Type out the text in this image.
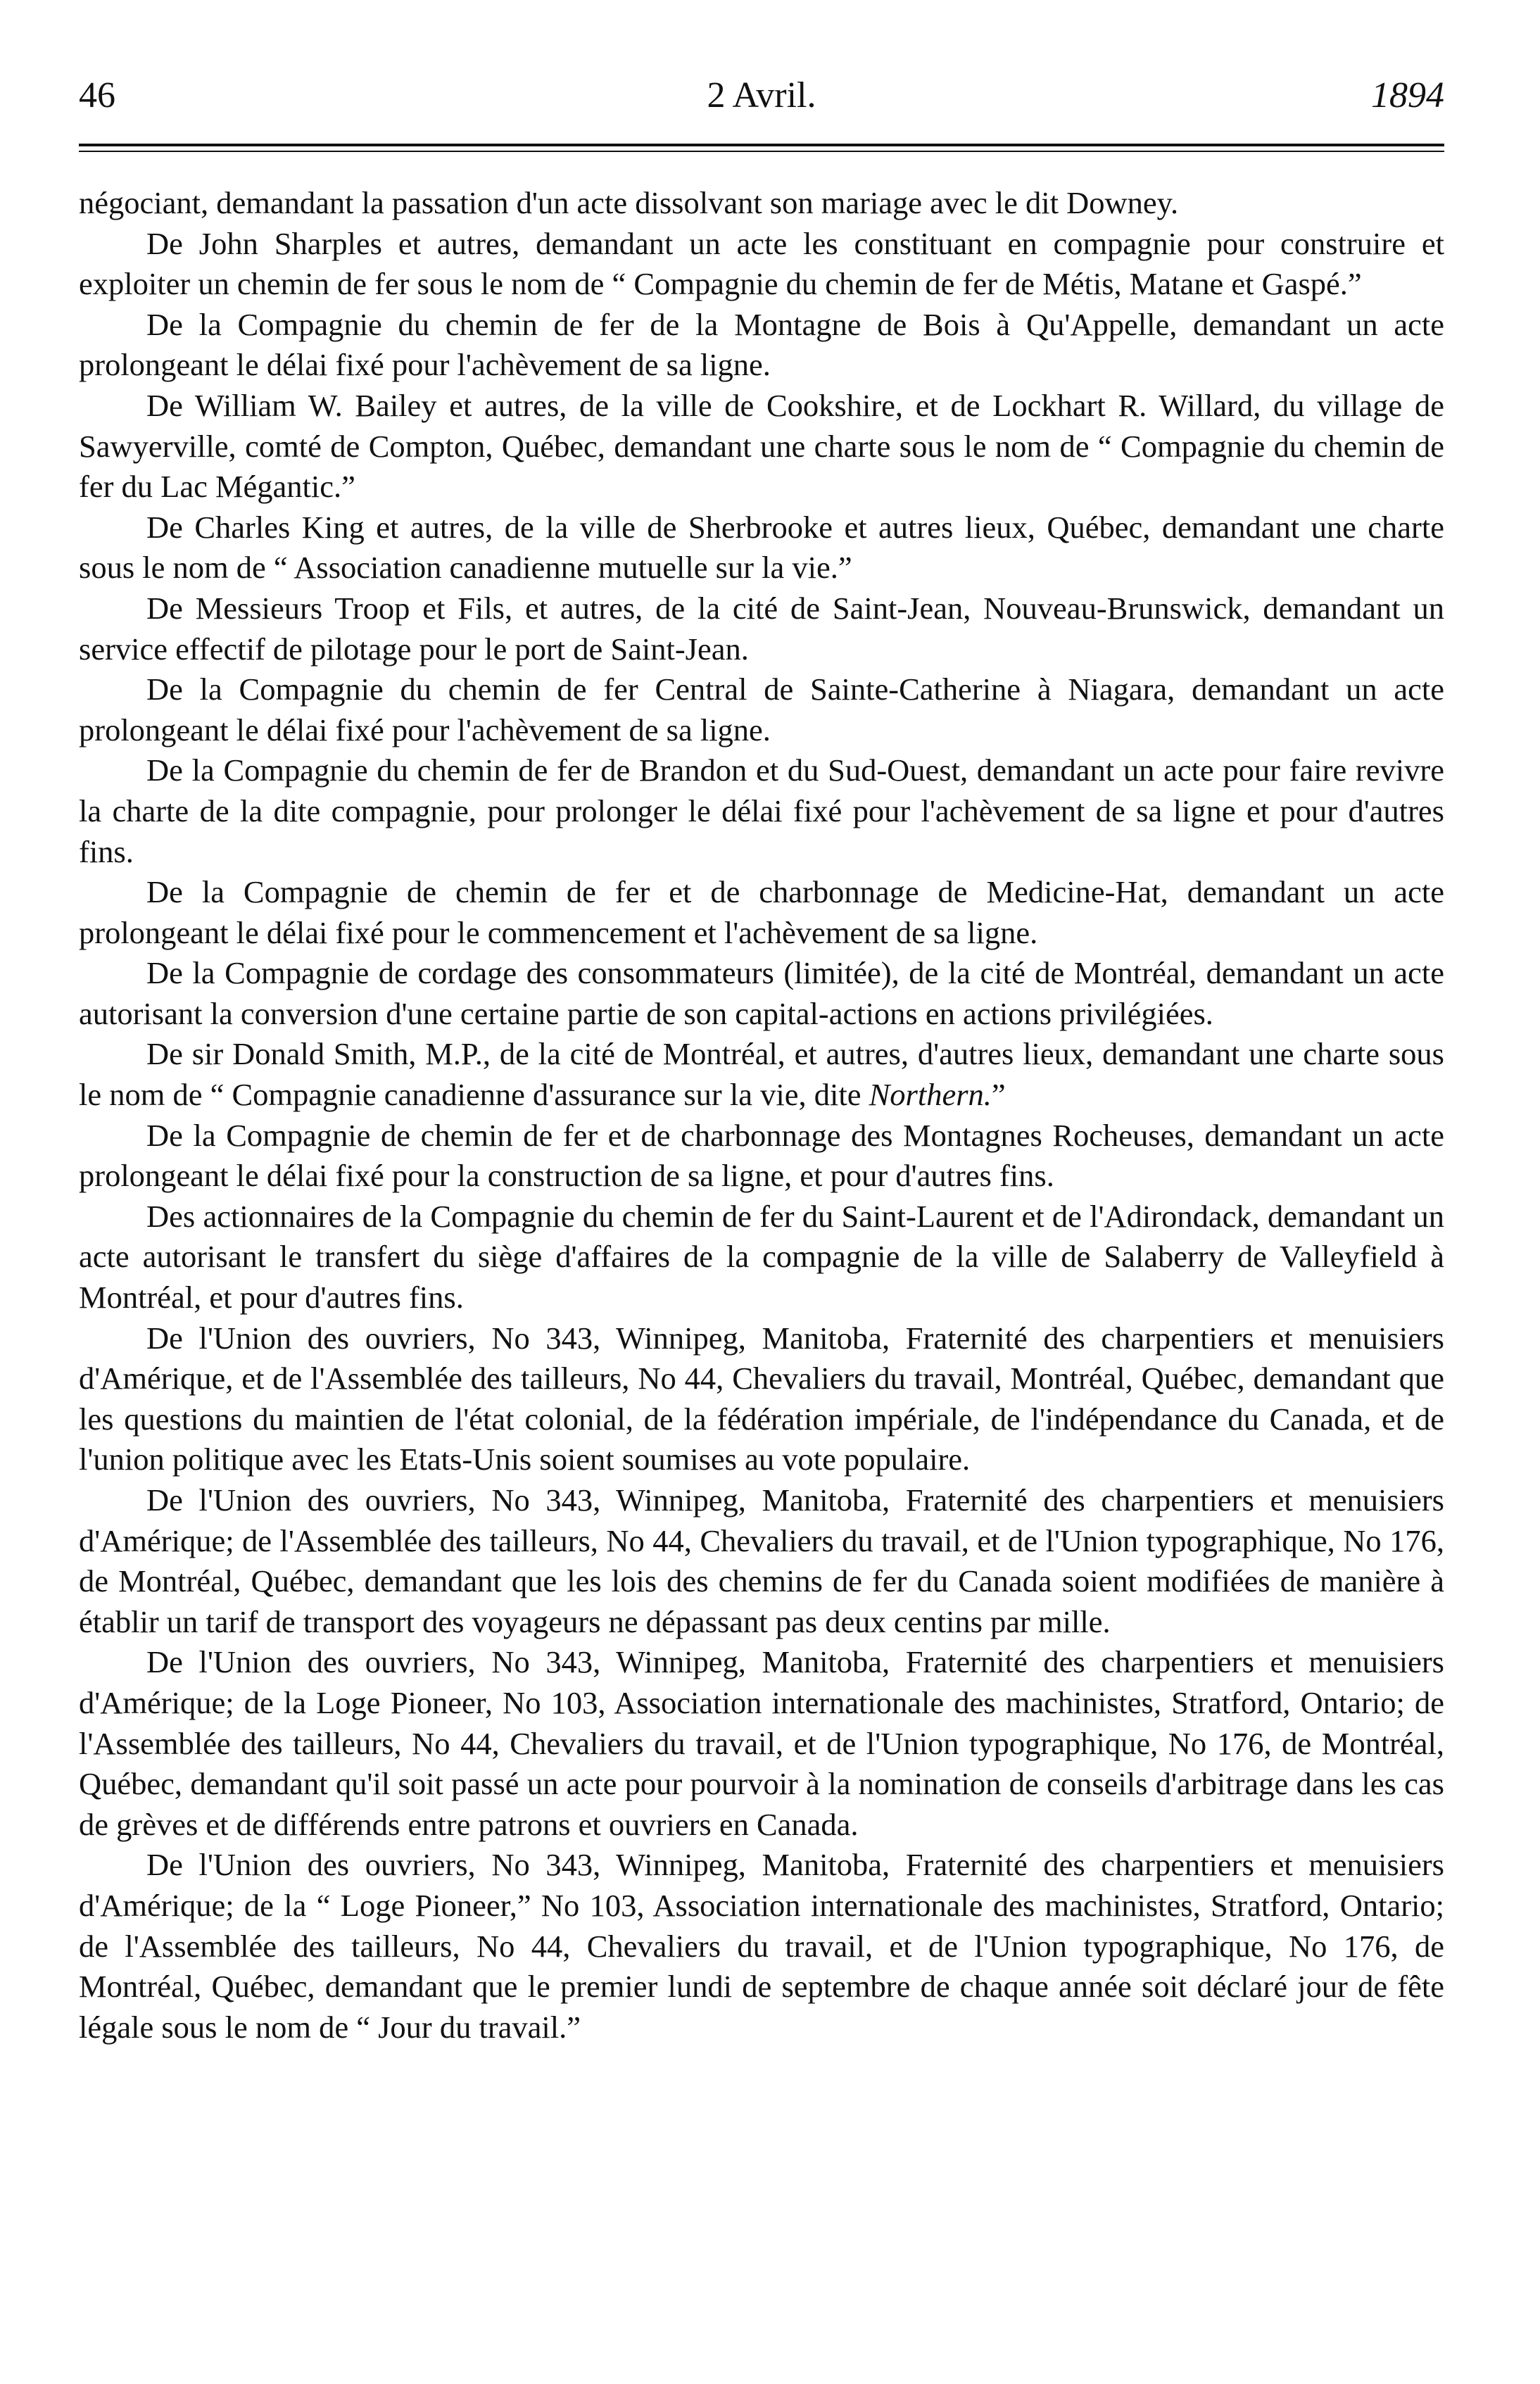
46	2 Avril.	1894

négociant, demandant la passation d'un acte dissolvant son mariage avec le dit Downey.

De John Sharples et autres, demandant un acte les constituant en compagnie pour construire et exploiter un chemin de fer sous le nom de “ Compagnie du chemin de fer de Métis, Matane et Gaspé.”

De la Compagnie du chemin de fer de la Montagne de Bois à Qu'Appelle, demandant un acte prolongeant le délai fixé pour l'achèvement de sa ligne.

De William W. Bailey et autres, de la ville de Cookshire, et de Lockhart R. Willard, du village de Sawyerville, comté de Compton, Québec, demandant une charte sous le nom de “ Compagnie du chemin de fer du Lac Mégantic.”

De Charles King et autres, de la ville de Sherbrooke et autres lieux, Québec, demandant une charte sous le nom de “ Association canadienne mutuelle sur la vie.”

De Messieurs Troop et Fils, et autres, de la cité de Saint-Jean, Nouveau-Brunswick, demandant un service effectif de pilotage pour le port de Saint-Jean.

De la Compagnie du chemin de fer Central de Sainte-Catherine à Niagara, demandant un acte prolongeant le délai fixé pour l'achèvement de sa ligne.

De la Compagnie du chemin de fer de Brandon et du Sud-Ouest, demandant un acte pour faire revivre la charte de la dite compagnie, pour prolonger le délai fixé pour l'achèvement de sa ligne et pour d'autres fins.

De la Compagnie de chemin de fer et de charbonnage de Medicine-Hat, demandant un acte prolongeant le délai fixé pour le commencement et l'achèvement de sa ligne.

De la Compagnie de cordage des consommateurs (limitée), de la cité de Montréal, demandant un acte autorisant la conversion d'une certaine partie de son capital-actions en actions privilégiées.

De sir Donald Smith, M.P., de la cité de Montréal, et autres, d'autres lieux, demandant une charte sous le nom de “ Compagnie canadienne d'assurance sur la vie, dite Northern.”

De la Compagnie de chemin de fer et de charbonnage des Montagnes Rocheuses, demandant un acte prolongeant le délai fixé pour la construction de sa ligne, et pour d'autres fins.

Des actionnaires de la Compagnie du chemin de fer du Saint-Laurent et de l'Adirondack, demandant un acte autorisant le transfert du siège d'affaires de la compagnie de la ville de Salaberry de Valleyfield à Montréal, et pour d'autres fins.

De l'Union des ouvriers, No 343, Winnipeg, Manitoba, Fraternité des charpentiers et menuisiers d'Amérique, et de l'Assemblée des tailleurs, No 44, Chevaliers du travail, Montréal, Québec, demandant que les questions du maintien de l'état colonial, de la fédération impériale, de l'indépendance du Canada, et de l'union politique avec les Etats-Unis soient soumises au vote populaire.

De l'Union des ouvriers, No 343, Winnipeg, Manitoba, Fraternité des charpentiers et menuisiers d'Amérique; de l'Assemblée des tailleurs, No 44, Chevaliers du travail, et de l'Union typographique, No 176, de Montréal, Québec, demandant que les lois des chemins de fer du Canada soient modifiées de manière à établir un tarif de transport des voyageurs ne dépassant pas deux centins par mille.

De l'Union des ouvriers, No 343, Winnipeg, Manitoba, Fraternité des charpentiers et menuisiers d'Amérique; de la Loge Pioneer, No 103, Association internationale des machinistes, Stratford, Ontario; de l'Assemblée des tailleurs, No 44, Chevaliers du travail, et de l'Union typographique, No 176, de Montréal, Québec, demandant qu'il soit passé un acte pour pourvoir à la nomination de conseils d'arbitrage dans les cas de grèves et de différends entre patrons et ouvriers en Canada.

De l'Union des ouvriers, No 343, Winnipeg, Manitoba, Fraternité des charpentiers et menuisiers d'Amérique; de la “ Loge Pioneer,” No 103, Association internationale des machinistes, Stratford, Ontario; de l'Assemblée des tailleurs, No 44, Chevaliers du travail, et de l'Union typographique, No 176, de Montréal, Québec, demandant que le premier lundi de septembre de chaque année soit déclaré jour de fête légale sous le nom de “ Jour du travail.”
